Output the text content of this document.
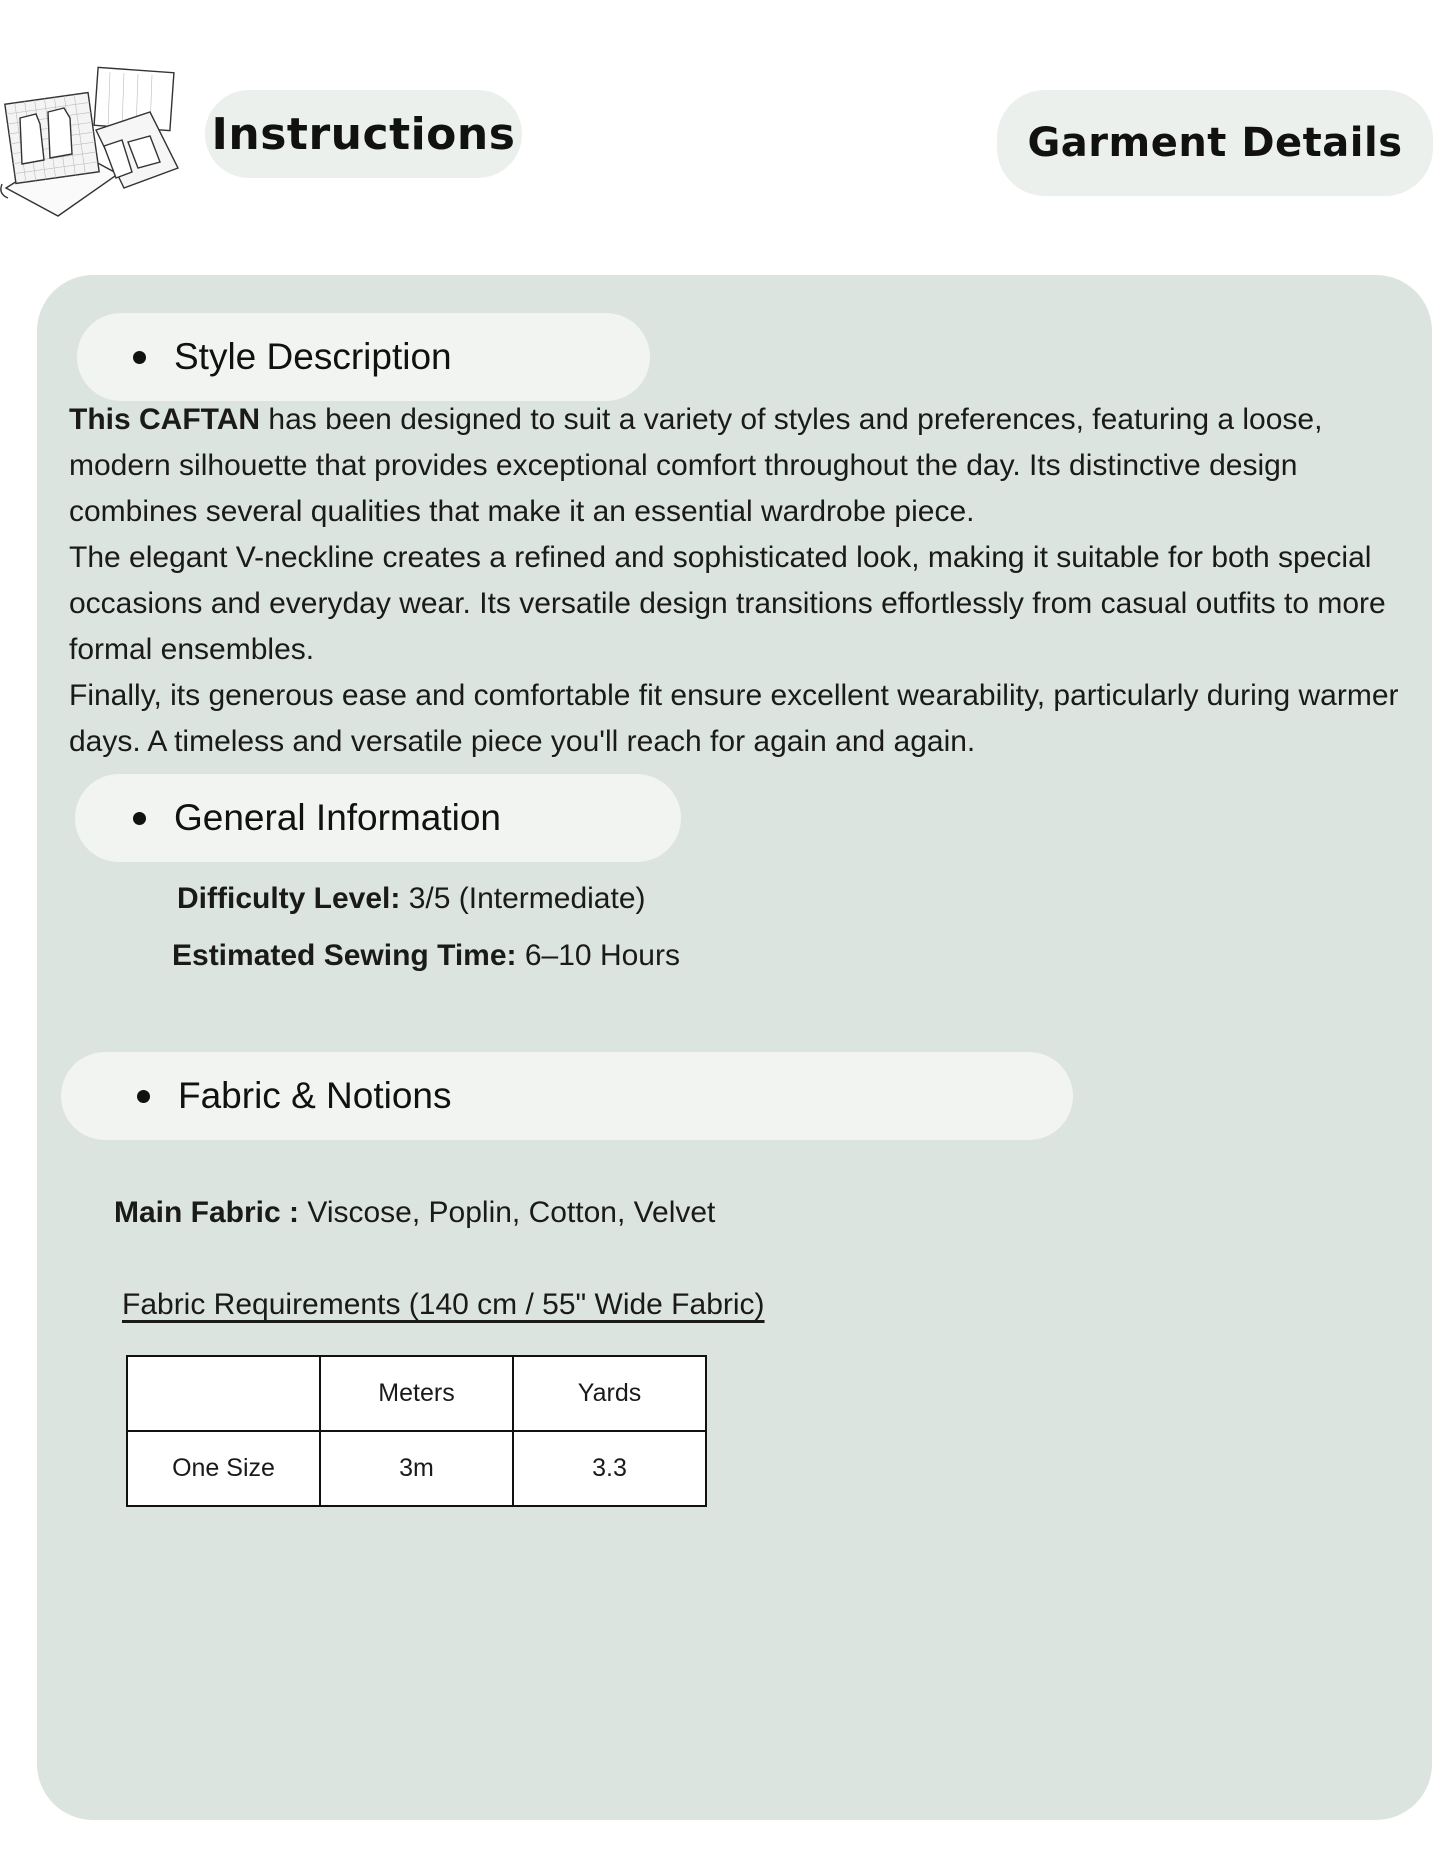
Instructions	Garment Details
Style Description

This CAFTAN has been designed to suit a variety of styles and preferences, featuring a loose, modern silhouette that provides exceptional comfort throughout the day. Its distinctive design combines several qualities that make it an essential wardrobe piece.

The elegant V-neckline creates a refined and sophisticated look, making it suitable for both special occasions and everyday wear. Its versatile design transitions effortlessly from casual outfits to more formal ensembles.

Finally, its generous ease and comfortable fit ensure excellent wearability, particularly during warmer days. A timeless and versatile piece you'll reach for again and again.

General Information
Difficulty Level: 3/5 (Intermediate)
Estimated Sewing Time: 6–10 Hours
Fabric & Notions
Main Fabric : Viscose, Poplin, Cotton, Velvet
Fabric Requirements (140 cm / 55" Wide Fabric)
	Meters	Yards
One Size	3m	3.3
